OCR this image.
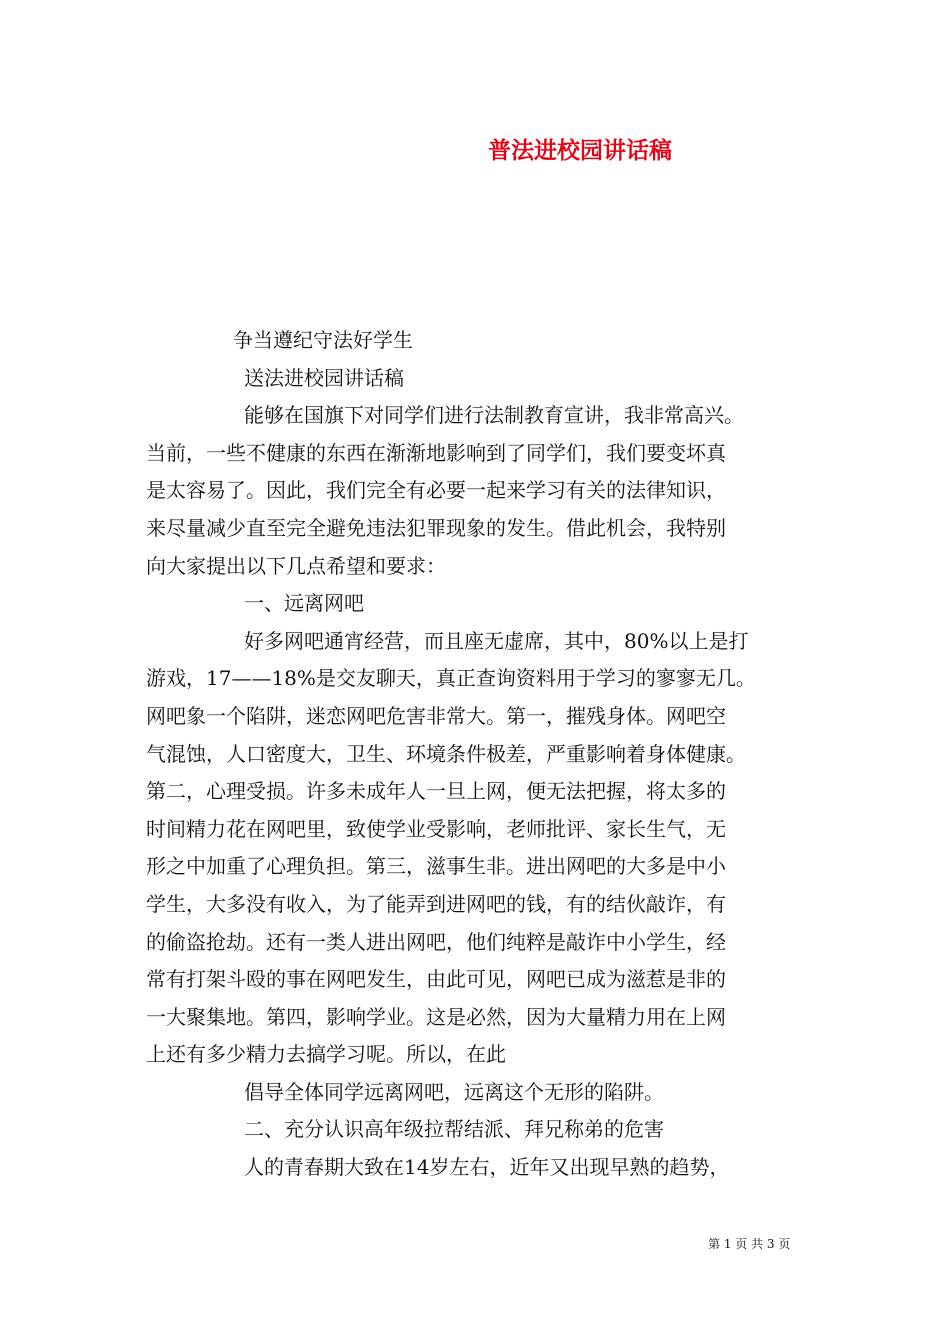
普法进校园讲话稿
争当遵纪守法好学生
送法进校园讲话稿
能够在国旗下对同学们进行法制教育宣讲，我非常高兴。
当前，一些不健康的东西在渐渐地影响到了同学们，我们要变坏真
是太容易了。因此，我们完全有必要一起来学习有关的法律知识，
来尽量减少直至完全避免违法犯罪现象的发生。借此机会，我特别
向大家提出以下几点希望和要求：
一、远离网吧
好多网吧通宵经营，而且座无虚席，其中，80%以上是打
游戏，17——18%是交友聊天，真正查询资料用于学习的寥寥无几。
网吧象一个陷阱，迷恋网吧危害非常大。第一，摧残身体。网吧空
气混蚀，人口密度大，卫生、环境条件极差，严重影响着身体健康。
第二，心理受损。许多未成年人一旦上网，便无法把握，将太多的
时间精力花在网吧里，致使学业受影响，老师批评、家长生气，无
形之中加重了心理负担。第三，滋事生非。进出网吧的大多是中小
学生，大多没有收入，为了能弄到进网吧的钱，有的结伙敲诈，有
的偷盗抢劫。还有一类人进出网吧，他们纯粹是敲诈中小学生，经
常有打架斗殴的事在网吧发生，由此可见，网吧已成为滋惹是非的
一大聚集地。第四，影响学业。这是必然，因为大量精力用在上网
上还有多少精力去搞学习呢。所以，在此
倡导全体同学远离网吧，远离这个无形的陷阱。
二、充分认识高年级拉帮结派、拜兄称弟的危害
人的青春期大致在14岁左右，近年又出现早熟的趋势，
第 1 页 共 3 页
